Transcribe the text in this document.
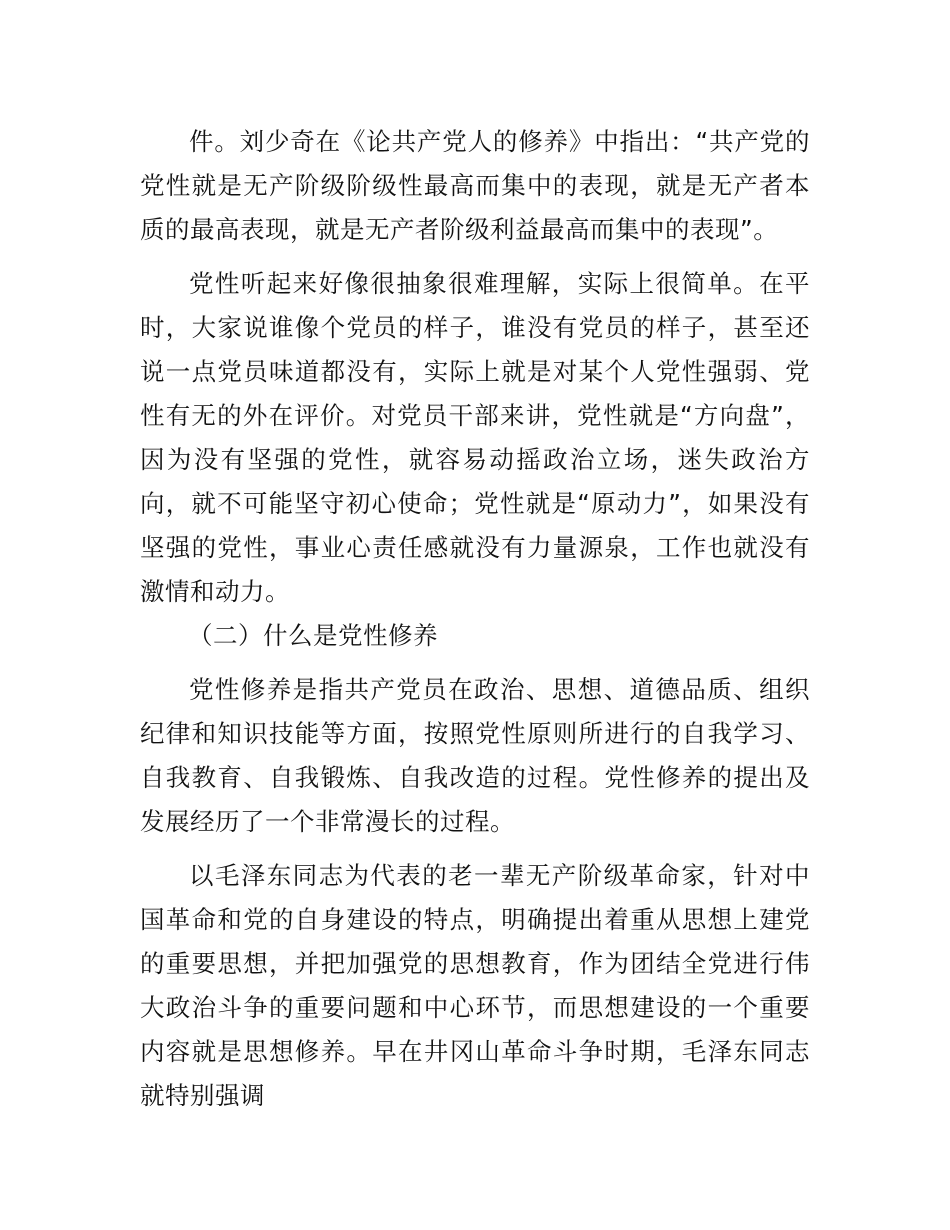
件。刘少奇在《论共产党人的修养》中指出：“共产党的党性就是无产阶级阶级性最高而集中的表现，就是无产者本质的最高表现，就是无产者阶级利益最高而集中的表现”。

党性听起来好像很抽象很难理解，实际上很简单。在平时，大家说谁像个党员的样子，谁没有党员的样子，甚至还说一点党员味道都没有，实际上就是对某个人党性强弱、党性有无的外在评价。对党员干部来讲，党性就是“方向盘”，因为没有坚强的党性，就容易动摇政治立场，迷失政治方向，就不可能坚守初心使命；党性就是“原动力”，如果没有坚强的党性，事业心责任感就没有力量源泉，工作也就没有激情和动力。

（二）什么是党性修养

党性修养是指共产党员在政治、思想、道德品质、组织纪律和知识技能等方面，按照党性原则所进行的自我学习、自我教育、自我锻炼、自我改造的过程。党性修养的提出及发展经历了一个非常漫长的过程。

以毛泽东同志为代表的老一辈无产阶级革命家，针对中国革命和党的自身建设的特点，明确提出着重从思想上建党的重要思想，并把加强党的思想教育，作为团结全党进行伟大政治斗争的重要问题和中心环节，而思想建设的一个重要内容就是思想修养。早在井冈山革命斗争时期，毛泽东同志就特别强调
